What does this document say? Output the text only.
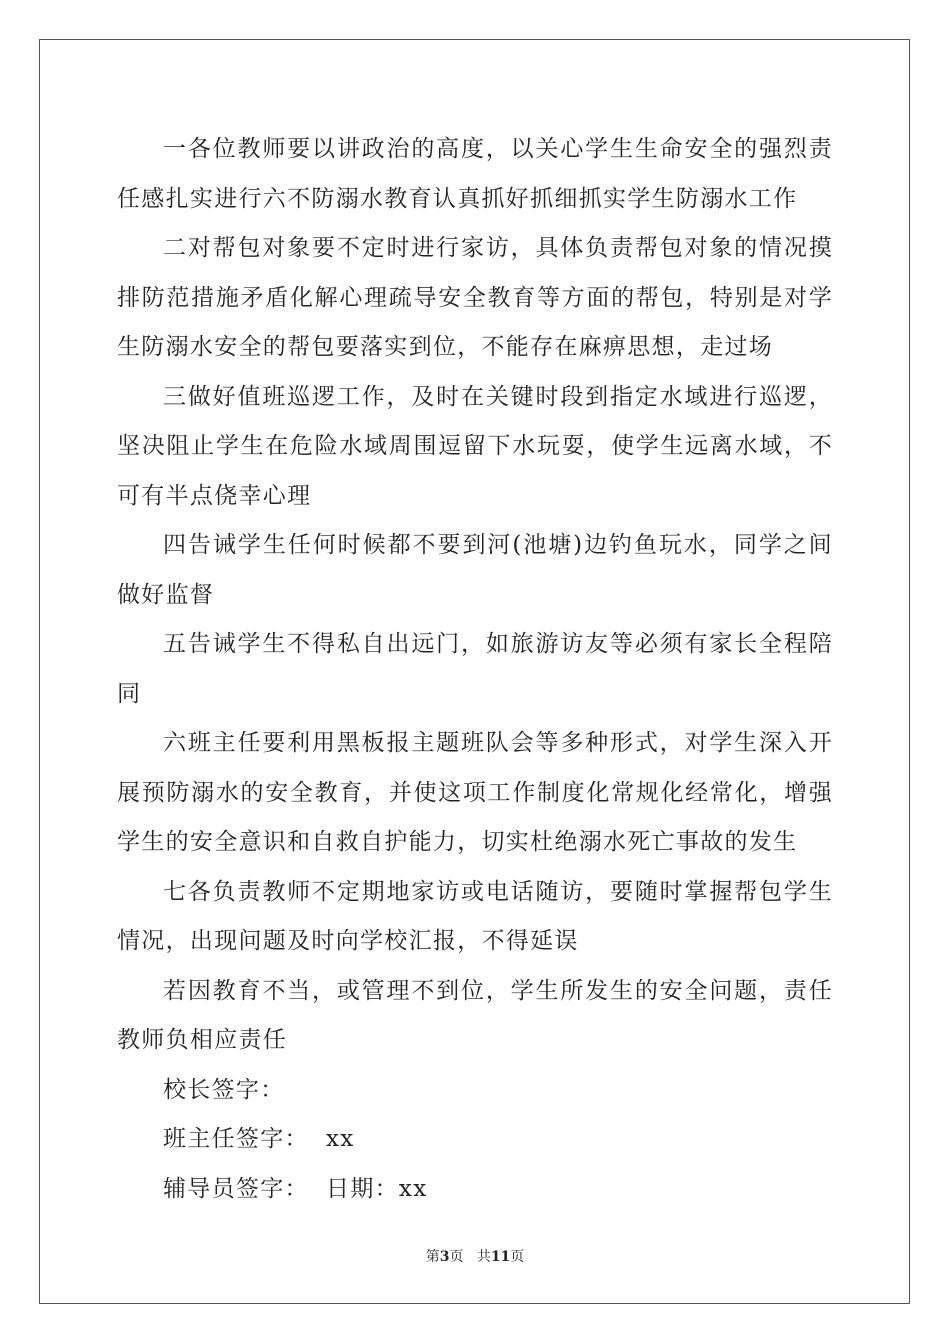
一各位教师要以讲政治的高度，以关心学生生命安全的强烈责任感扎实进行六不防溺水教育认真抓好抓细抓实学生防溺水工作

二对帮包对象要不定时进行家访，具体负责帮包对象的情况摸排防范措施矛盾化解心理疏导安全教育等方面的帮包，特别是对学生防溺水安全的帮包要落实到位，不能存在麻痹思想，走过场

三做好值班巡逻工作，及时在关键时段到指定水域进行巡逻，坚决阻止学生在危险水域周围逗留下水玩耍，使学生远离水域，不可有半点侥幸心理

四告诫学生任何时候都不要到河(池塘)边钓鱼玩水，同学之间做好监督

五告诫学生不得私自出远门，如旅游访友等必须有家长全程陪同

六班主任要利用黑板报主题班队会等多种形式，对学生深入开展预防溺水的安全教育，并使这项工作制度化常规化经常化，增强学生的安全意识和自救自护能力，切实杜绝溺水死亡事故的发生

七各负责教师不定期地家访或电话随访，要随时掌握帮包学生情况，出现问题及时向学校汇报，不得延误

若因教育不当，或管理不到位，学生所发生的安全问题，责任教师负相应责任

校长签字：

班主任签字：  xx

辅导员签字：  日期：xx

第3页 共11页
